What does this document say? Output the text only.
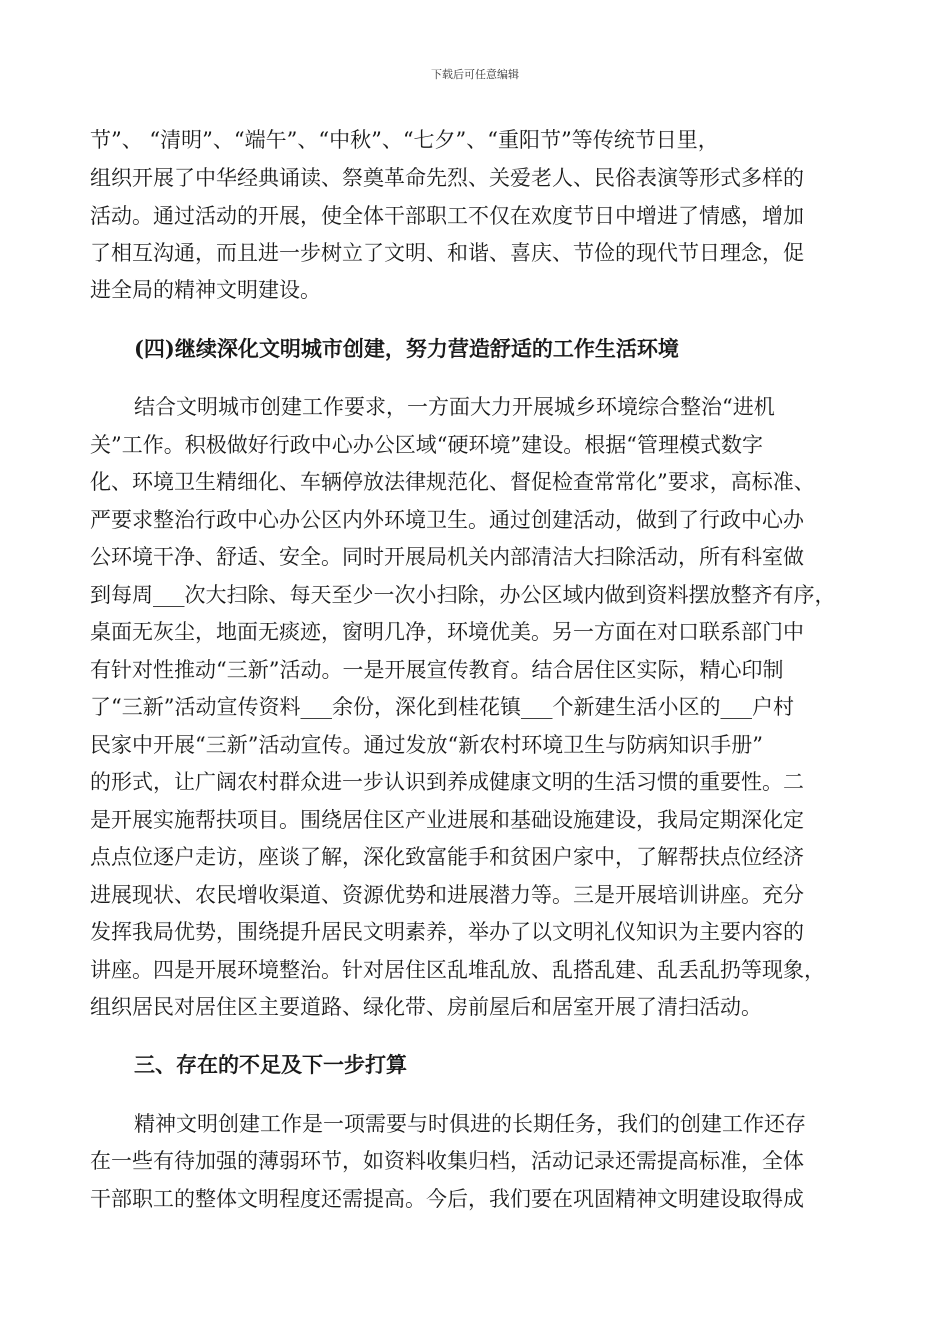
下载后可任意编辑
节”、 “清明”、“端午”、“中秋”、“七夕”、“重阳节”等传统节日里，
组织开展了中华经典诵读、祭奠革命先烈、关爱老人、民俗表演等形式多样的
活动。通过活动的开展，使全体干部职工不仅在欢度节日中增进了情感，增加
了相互沟通，而且进一步树立了文明、和谐、喜庆、节俭的现代节日理念，促
进全局的精神文明建设。
(四)继续深化文明城市创建，努力营造舒适的工作生活环境
结合文明城市创建工作要求，一方面大力开展城乡环境综合整治“进机
关”工作。积极做好行政中心办公区域“硬环境”建设。根据“管理模式数字
化、环境卫生精细化、车辆停放法律规范化、督促检查常常化”要求，高标准、
严要求整治行政中心办公区内外环境卫生。通过创建活动，做到了行政中心办
公环境干净、舒适、安全。同时开展局机关内部清洁大扫除活动，所有科室做
到每周___次大扫除、每天至少一次小扫除，办公区域内做到资料摆放整齐有序，
桌面无灰尘，地面无痰迹，窗明几净，环境优美。另一方面在对口联系部门中
有针对性推动“三新”活动。一是开展宣传教育。结合居住区实际，精心印制
了“三新”活动宣传资料___余份，深化到桂花镇___个新建生活小区的___户村
民家中开展“三新”活动宣传。通过发放“新农村环境卫生与防病知识手册”
的形式，让广阔农村群众进一步认识到养成健康文明的生活习惯的重要性。二
是开展实施帮扶项目。围绕居住区产业进展和基础设施建设，我局定期深化定
点点位逐户走访，座谈了解，深化致富能手和贫困户家中，了解帮扶点位经济
进展现状、农民增收渠道、资源优势和进展潜力等。三是开展培训讲座。充分
发挥我局优势，围绕提升居民文明素养，举办了以文明礼仪知识为主要内容的
讲座。四是开展环境整治。针对居住区乱堆乱放、乱搭乱建、乱丢乱扔等现象，
组织居民对居住区主要道路、绿化带、房前屋后和居室开展了清扫活动。
三、存在的不足及下一步打算
精神文明创建工作是一项需要与时俱进的长期任务，我们的创建工作还存
在一些有待加强的薄弱环节，如资料收集归档，活动记录还需提高标准，全体
干部职工的整体文明程度还需提高。今后，我们要在巩固精神文明建设取得成
